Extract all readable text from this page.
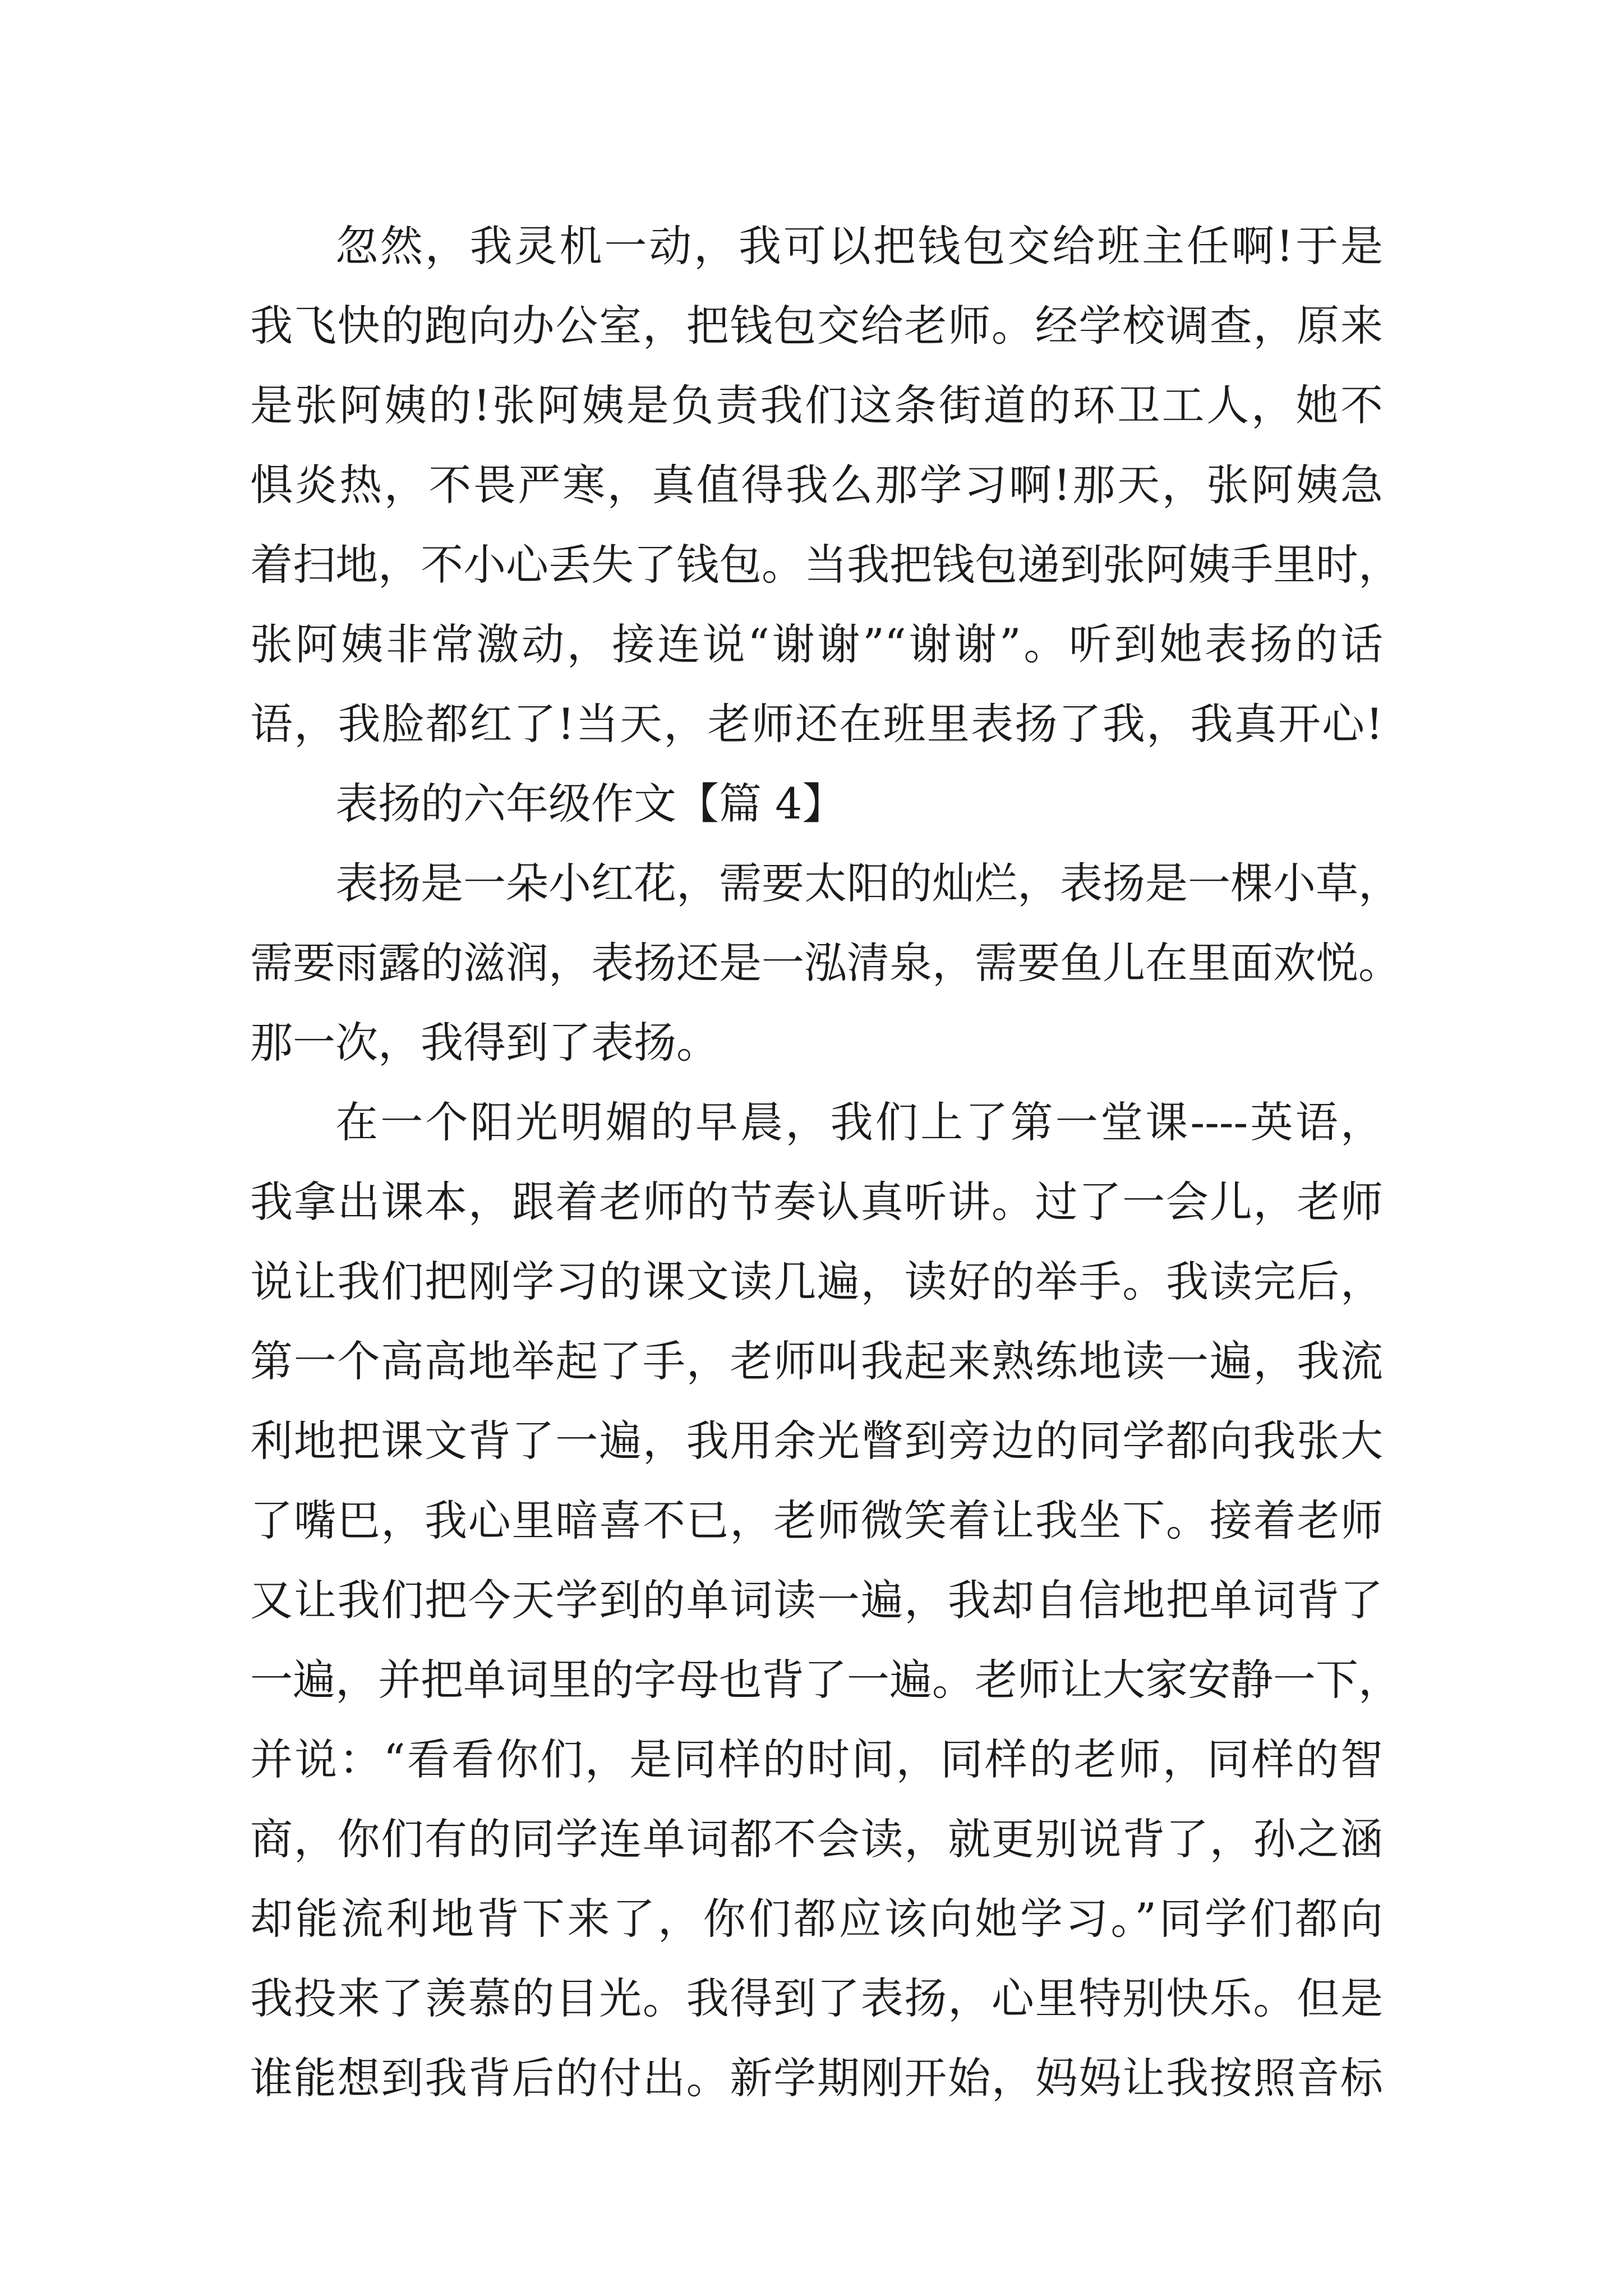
忽然，我灵机一动，我可以把钱包交给班主任啊!于是
我飞快的跑向办公室，把钱包交给老师。经学校调查，原来
是张阿姨的!张阿姨是负责我们这条街道的环卫工人，她不
惧炎热，不畏严寒，真值得我么那学习啊!那天，张阿姨急
着扫地，不小心丢失了钱包。当我把钱包递到张阿姨手里时，
张阿姨非常激动，接连说“谢谢”“谢谢”。听到她表扬的话
语，我脸都红了!当天，老师还在班里表扬了我，我真开心!
表扬的六年级作文【篇 4】
表扬是一朵小红花，需要太阳的灿烂，表扬是一棵小草，
需要雨露的滋润，表扬还是一泓清泉，需要鱼儿在里面欢悦。
那一次，我得到了表扬。
在一个阳光明媚的早晨，我们上了第一堂课----英语，
我拿出课本，跟着老师的节奏认真听讲。过了一会儿，老师
说让我们把刚学习的课文读几遍，读好的举手。我读完后，
第一个高高地举起了手，老师叫我起来熟练地读一遍，我流
利地把课文背了一遍，我用余光瞥到旁边的同学都向我张大
了嘴巴，我心里暗喜不已，老师微笑着让我坐下。接着老师
又让我们把今天学到的单词读一遍，我却自信地把单词背了
一遍，并把单词里的字母也背了一遍。老师让大家安静一下，
并说：“看看你们，是同样的时间，同样的老师，同样的智
商，你们有的同学连单词都不会读，就更别说背了，孙之涵
却能流利地背下来了，你们都应该向她学习。”同学们都向
我投来了羡慕的目光。我得到了表扬，心里特别快乐。但是
谁能想到我背后的付出。新学期刚开始，妈妈让我按照音标
